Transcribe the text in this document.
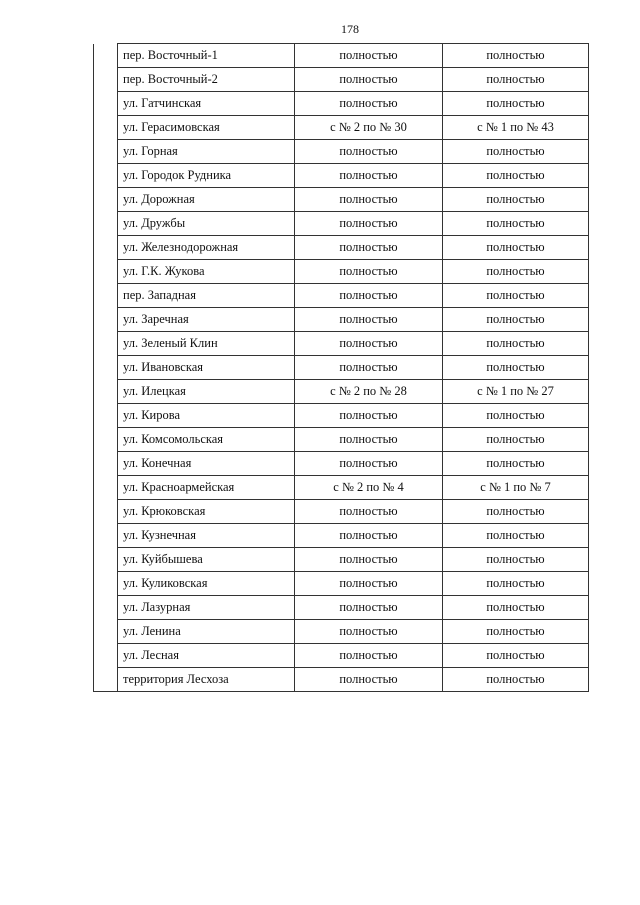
178
	пер. Восточный-1	полностью	полностью
	пер. Восточный-2	полностью	полностью
	ул. Гатчинская	полностью	полностью
	ул. Герасимовская	с № 2 по № 30	с № 1 по № 43
	ул. Горная	полностью	полностью
	ул. Городок Рудника	полностью	полностью
	ул. Дорожная	полностью	полностью
	ул. Дружбы	полностью	полностью
	ул. Железнодорожная	полностью	полностью
	ул. Г.К. Жукова	полностью	полностью
	пер. Западная	полностью	полностью
	ул. Заречная	полностью	полностью
	ул. Зеленый Клин	полностью	полностью
	ул. Ивановская	полностью	полностью
	ул. Илецкая	с № 2 по № 28	с № 1 по № 27
	ул. Кирова	полностью	полностью
	ул. Комсомольская	полностью	полностью
	ул. Конечная	полностью	полностью
	ул. Красноармейская	с № 2 по № 4	с № 1 по № 7
	ул. Крюковская	полностью	полностью
	ул. Кузнечная	полностью	полностью
	ул. Куйбышева	полностью	полностью
	ул. Куликовская	полностью	полностью
	ул. Лазурная	полностью	полностью
	ул. Ленина	полностью	полностью
	ул. Лесная	полностью	полностью
	территория Лесхоза	полностью	полностью
